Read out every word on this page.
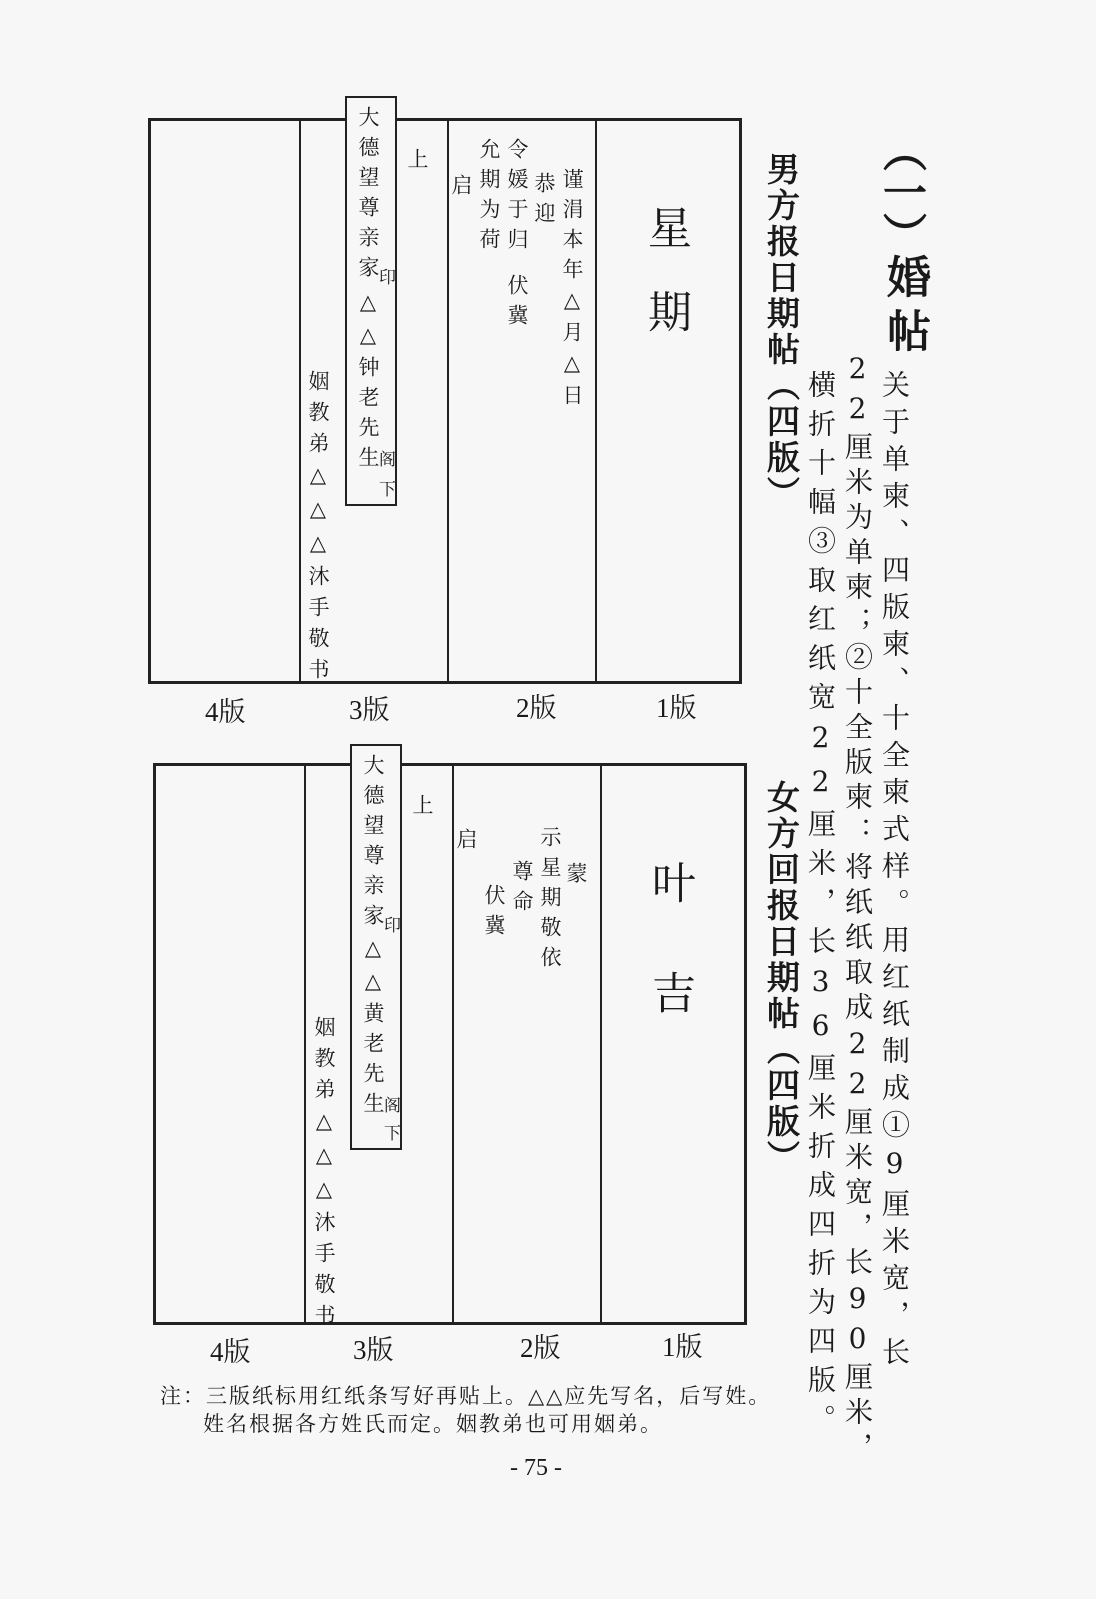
（一）
婚帖
关于单柬、四版柬、十全柬式样。用红纸制成①9厘米宽，长
22厘米为单柬；②十全版柬：将纸纸取成22厘米宽，长90厘米，
横折十幅③取红纸宽22厘米，长36厘米折成四折为四版。
男方报日期帖（四版）
女方回报日期帖（四版）
星期
谨涓本年△月△日
恭迎
伏冀
令媛于归
允期为荷
启
上
大德望尊亲家
印
△△钟老先生
阁
下
姻教弟△△△沐手敬书
4版	3版	2版	1版
叶吉
蒙
示星期敬依
尊命
伏冀
启
上
大德望尊亲家
印
△△黄老先生
阁
下
姻教弟△△△沐手敬书
4版	3版	2版	1版
注：三版纸标用红纸条写好再贴上。△△应先写名，后写姓。
姓名根据各方姓氏而定。姻教弟也可用姻弟。
- 75 -
